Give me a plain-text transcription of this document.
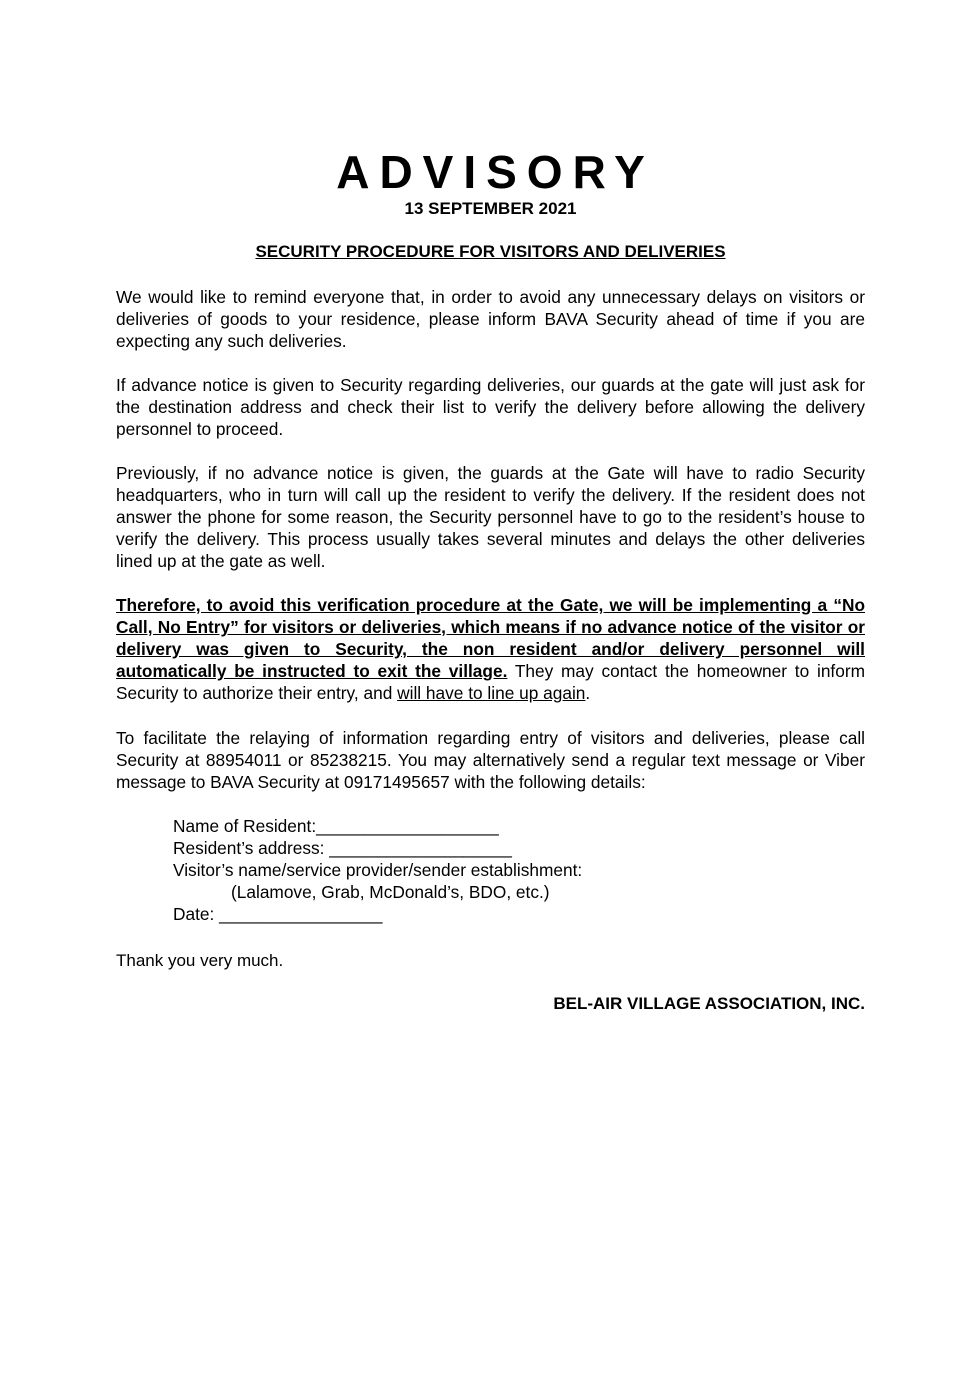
ADVISORY
13 SEPTEMBER 2021
SECURITY PROCEDURE FOR VISITORS AND DELIVERIES

We would like to remind everyone that, in order to avoid any unnecessary delays on visitors or deliveries of goods to your residence, please inform BAVA Security ahead of time if you are expecting any such deliveries.

If advance notice is given to Security regarding deliveries, our guards at the gate will just ask for the destination address and check their list to verify the delivery before allowing the delivery personnel to proceed.

Previously, if no advance notice is given, the guards at the Gate will have to radio Security headquarters, who in turn will call up the resident to verify the delivery. If the resident does not answer the phone for some reason, the Security personnel have to go to the resident’s house to verify the delivery. This process usually takes several minutes and delays the other deliveries lined up at the gate as well.

Therefore, to avoid this verification procedure at the Gate, we will be implementing a “No Call, No Entry” for visitors or deliveries, which means if no advance notice of the visitor or delivery was given to Security, the non resident and/or delivery personnel will automatically be instructed to exit the village. They may contact the homeowner to inform Security to authorize their entry, and will have to line up again.

To facilitate the relaying of information regarding entry of visitors and deliveries, please call Security at 88954011 or 85238215. You may alternatively send a regular text message or Viber message to BAVA Security at 09171495657 with the following details:

Name of Resident:___________________
Resident’s address: ___________________
Visitor’s name/service provider/sender establishment:
(Lalamove, Grab, McDonald’s, BDO, etc.)
Date: _________________
Thank you very much.
BEL-AIR VILLAGE ASSOCIATION, INC.
